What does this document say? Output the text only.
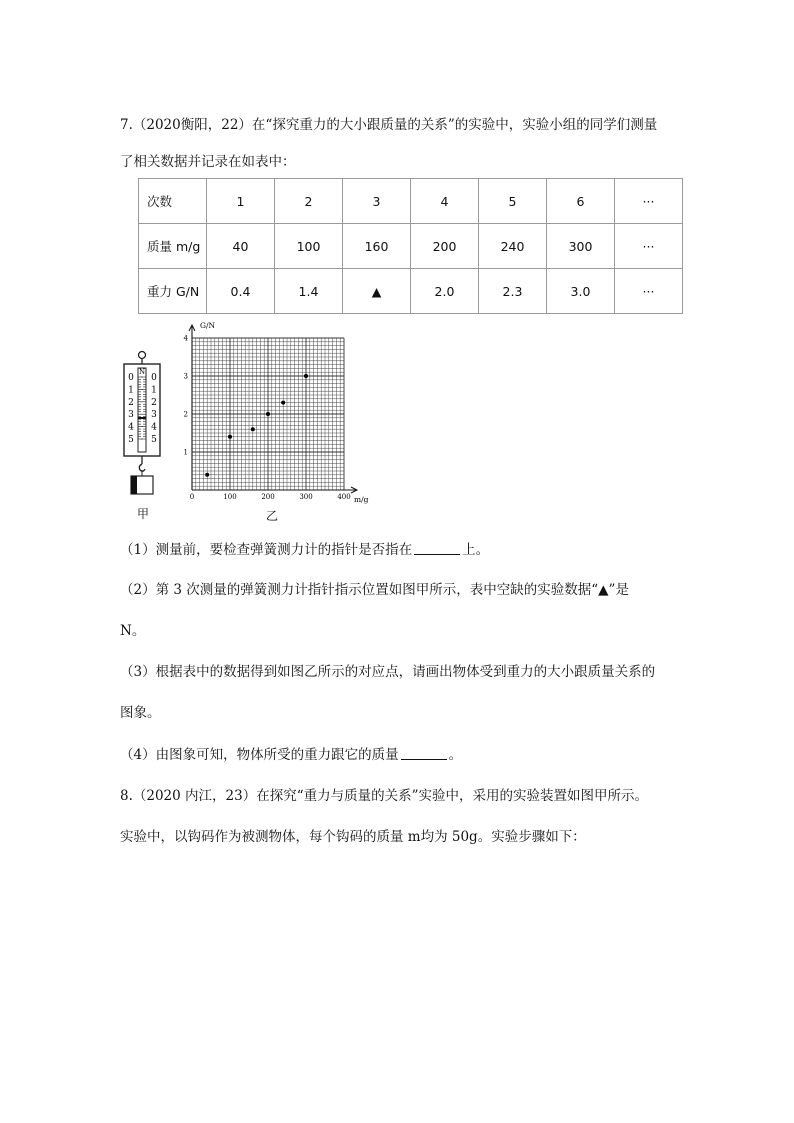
7.（2020衡阳，22）在“探究重力的大小跟质量的关系”的实验中，实验小组的同学们测量
了相关数据并记录在如表中：
次数	1	2	3	4	5	6	···
质量 m/g	40	100	160	200	240	300	···
重力 G/N	0.4	1.4	▲	2.0	2.3	3.0	···
0
1
2
3
4
5
0
1
2
3
4
5
N
甲
G/N
m/g
0	100	200	300	400
1
2
3
4
乙
（1）测量前，要检查弹簧测力计的指针是否指在	上。
（2）第 3 次测量的弹簧测力计指针指示位置如图甲所示，表中空缺的实验数据“▲”是
N。
（3）根据表中的数据得到如图乙所示的对应点，请画出物体受到重力的大小跟质量关系的
图象。
（4）由图象可知，物体所受的重力跟它的质量	。
8.（2020 内江，23）在探究“重力与质量的关系”实验中，采用的实验装置如图甲所示。
实验中，以钩码作为被测物体，每个钩码的质量 m均为 50g。实验步骤如下：
